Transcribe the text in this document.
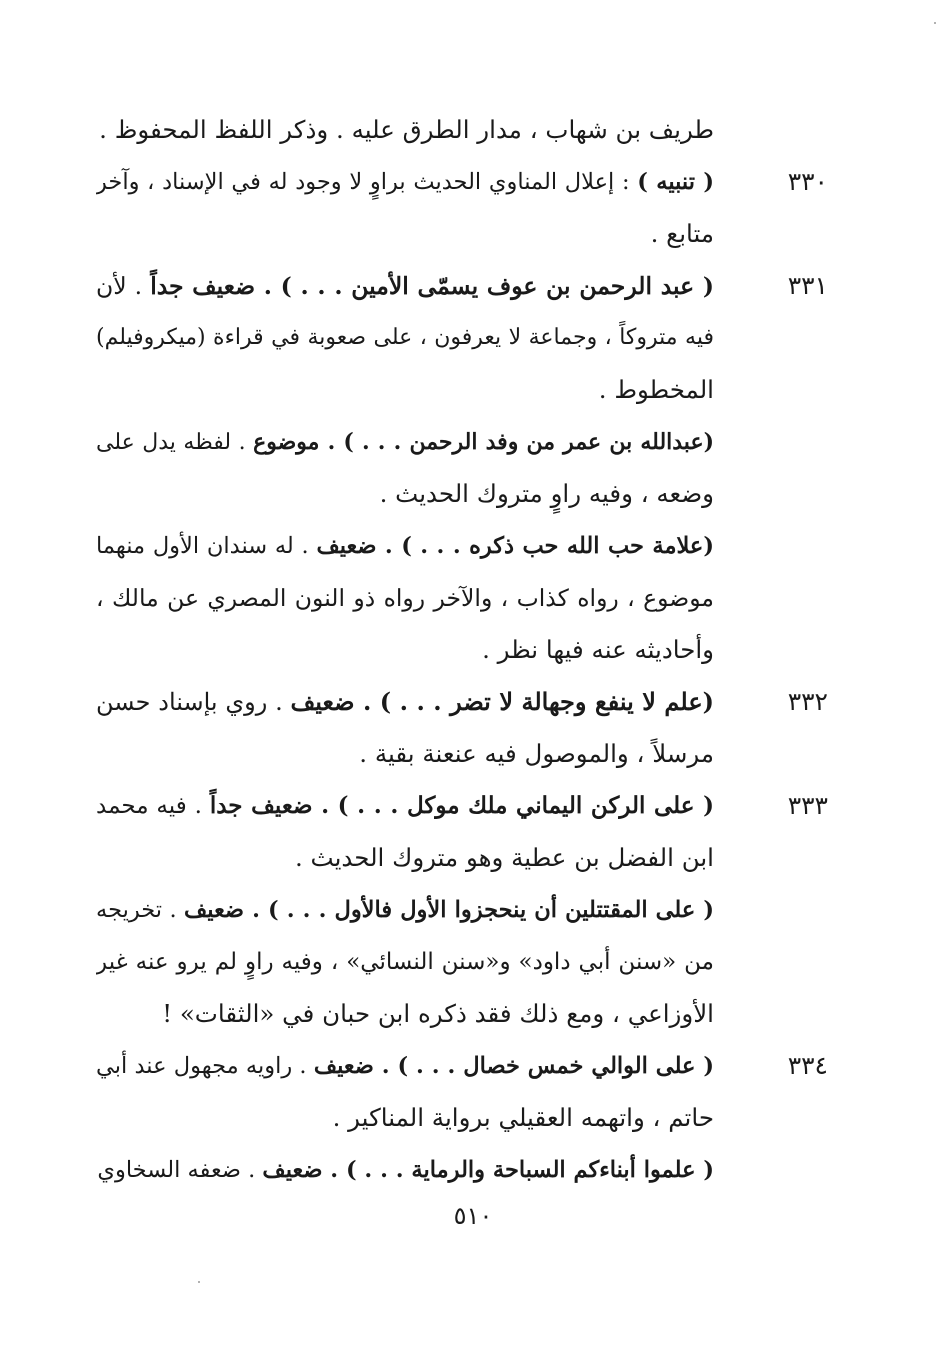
طريف بن شهاب ، مدار الطرق عليه . وذكر اللفظ المحفوظ .
٣٣٠
( تنبيه ) : إعلال المناوي الحديث براوٍ لا وجود له في الإسناد ، وآخر
متابع .
٣٣١
( عبد الرحمن بن عوف يسمّى الأمين . . . ) . ضعيف جداً . لأن
فيه متروكاً ، وجماعة لا يعرفون ، على صعوبة في قراءة (ميكروفيلم)
المخطوط .
(عبدالله بن عمر من وفد الرحمن . . . ) . موضوع . لفظه يدل على
وضعه ، وفيه راوٍ متروك الحديث .
(علامة حب الله حب ذكره . . . ) . ضعيف . له سندان الأول منهما
موضوع ، رواه كذاب ، والآخر رواه ذو النون المصري عن مالك ،
وأحاديثه عنه فيها نظر .
٣٣٢
(علم لا ينفع وجهالة لا تضر . . . ) . ضعيف . روي بإسناد حسن
مرسلاً ، والموصول فيه عنعنة بقية .
٣٣٣
( على الركن اليماني ملك موكل . . . ) . ضعيف جداً . فيه محمد
ابن الفضل بن عطية وهو متروك الحديث .
( على المقتتلين أن ينحجزوا الأول فالأول . . . ) . ضعيف . تخريجه
من «سنن أبي داود» و«سنن النسائي» ، وفيه راوٍ لم يرو عنه غير
الأوزاعي ، ومع ذلك فقد ذكره ابن حبان في «الثقات» !
٣٣٤
( على الوالي خمس خصال . . . ) . ضعيف . راويه مجهول عند أبي
حاتم ، واتهمه العقيلي برواية المناكير .
( علموا أبناءكم السباحة والرماية . . . ) . ضعيف . ضعفه السخاوي
٥١٠
